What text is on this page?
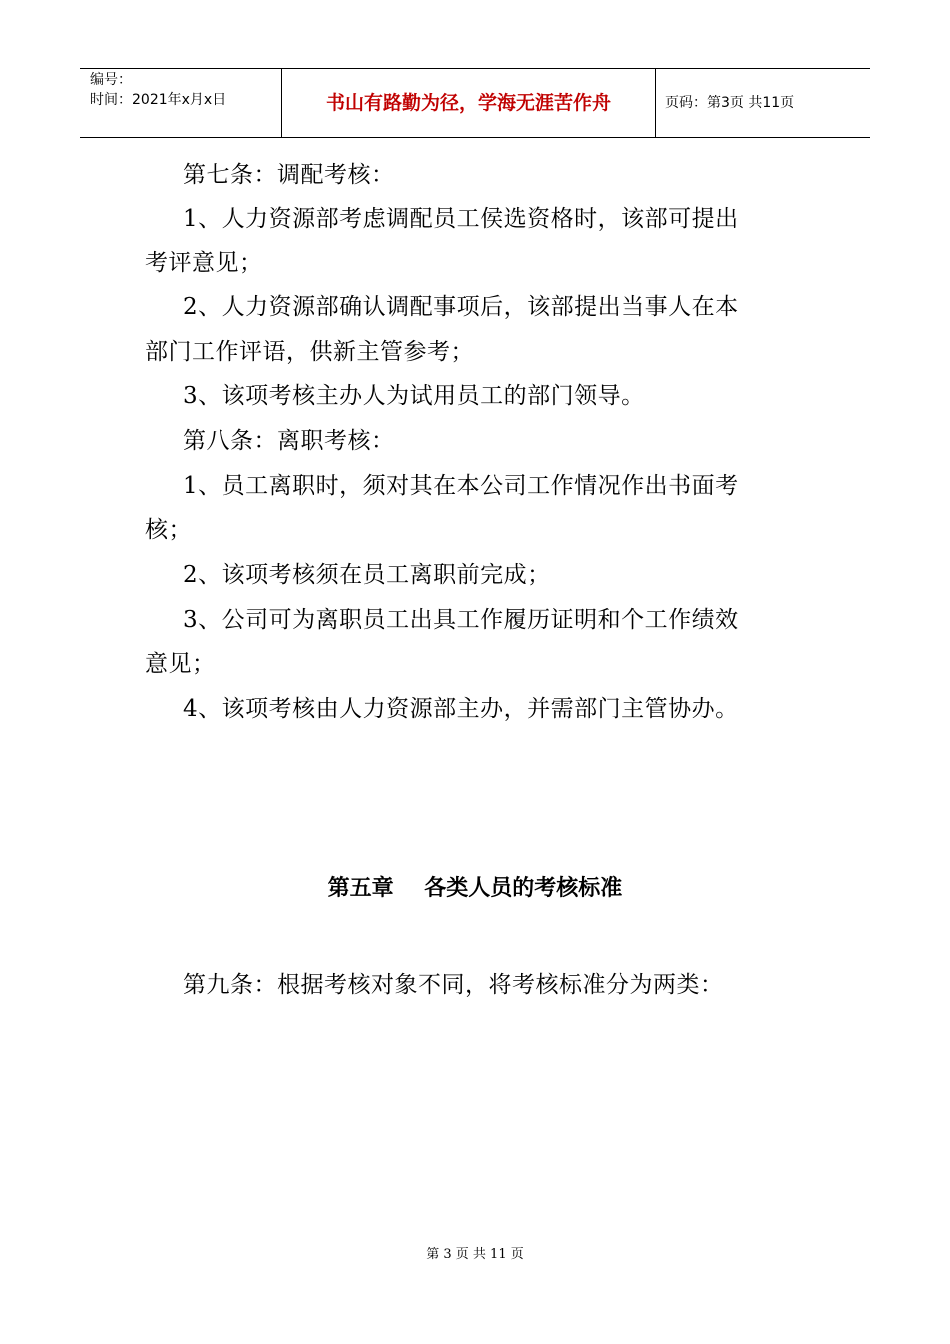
编号：
时间：2021年x月x日	书山有路勤为径，学海无涯苦作舟	页码：第3页 共11页
第七条：调配考核：
1、人力资源部考虑调配员工侯选资格时，该部可提出
考评意见；
2、人力资源部确认调配事项后，该部提出当事人在本
部门工作评语，供新主管参考；
3、该项考核主办人为试用员工的部门领导。
第八条：离职考核：
1、员工离职时，须对其在本公司工作情况作出书面考
核；
2、该项考核须在员工离职前完成；
3、公司可为离职员工出具工作履历证明和个工作绩效
意见；
4、该项考核由人力资源部主办，并需部门主管协办。
第五章    各类人员的考核标准
第九条：根据考核对象不同，将考核标准分为两类：
第 3 页 共 11 页
